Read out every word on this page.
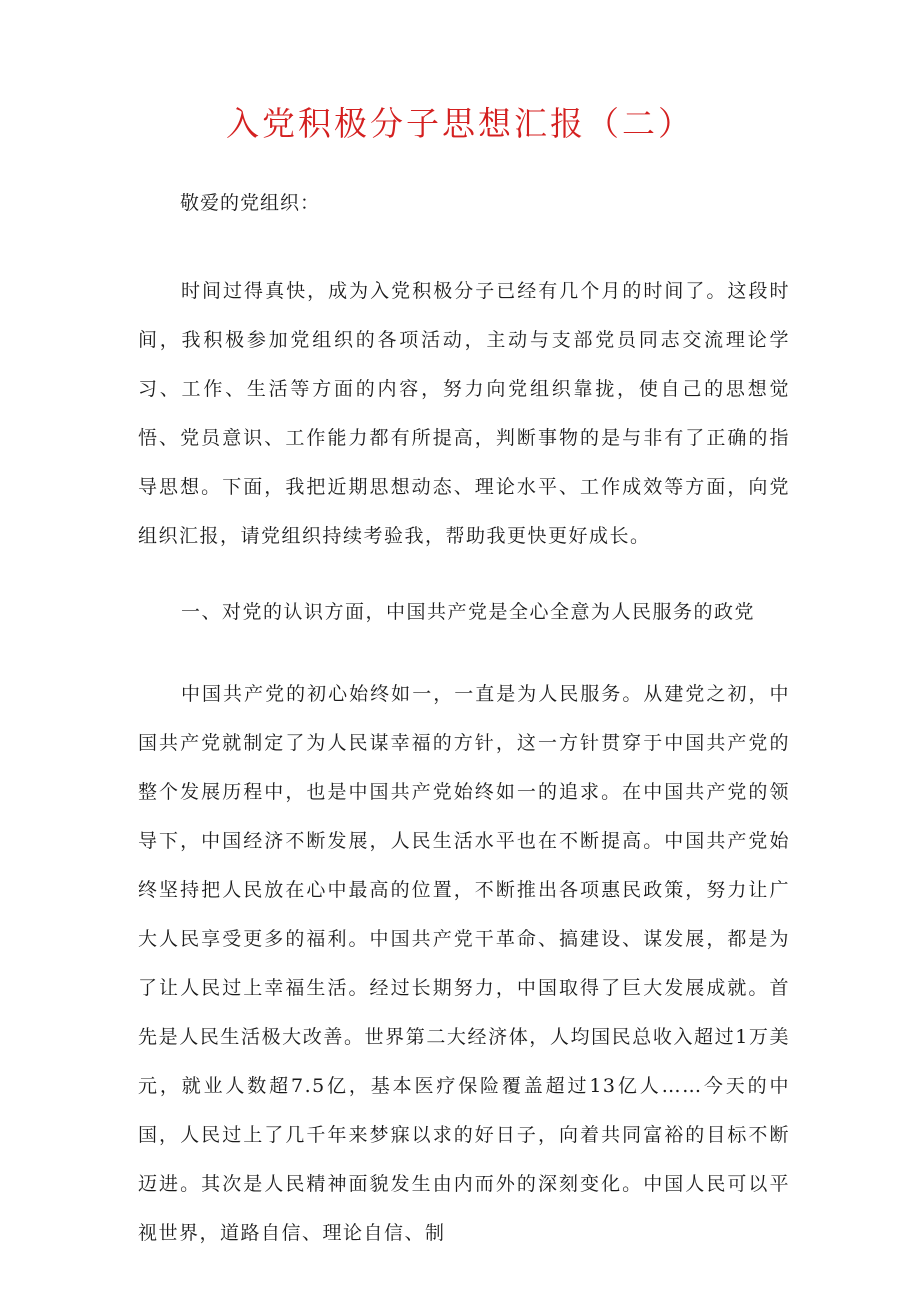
入党积极分子思想汇报（二）

敬爱的党组织：

时间过得真快，成为入党积极分子已经有几个月的时间了。这段时间，我积极参加党组织的各项活动，主动与支部党员同志交流理论学习、工作、生活等方面的内容，努力向党组织靠拢，使自己的思想觉悟、党员意识、工作能力都有所提高，判断事物的是与非有了正确的指导思想。下面，我把近期思想动态、理论水平、工作成效等方面，向党组织汇报，请党组织持续考验我，帮助我更快更好成长。

一、对党的认识方面，中国共产党是全心全意为人民服务的政党

中国共产党的初心始终如一，一直是为人民服务。从建党之初，中国共产党就制定了为人民谋幸福的方针，这一方针贯穿于中国共产党的整个发展历程中，也是中国共产党始终如一的追求。在中国共产党的领导下，中国经济不断发展，人民生活水平也在不断提高。中国共产党始终坚持把人民放在心中最高的位置，不断推出各项惠民政策，努力让广大人民享受更多的福利。中国共产党干革命、搞建设、谋发展，都是为了让人民过上幸福生活。经过长期努力，中国取得了巨大发展成就。首先是人民生活极大改善。世界第二大经济体，人均国民总收入超过1万美元，就业人数超7.5亿，基本医疗保险覆盖超过13亿人……今天的中国，人民过上了几千年来梦寐以求的好日子，向着共同富裕的目标不断迈进。其次是人民精神面貌发生由内而外的深刻变化。中国人民可以平视世界，道路自信、理论自信、制
